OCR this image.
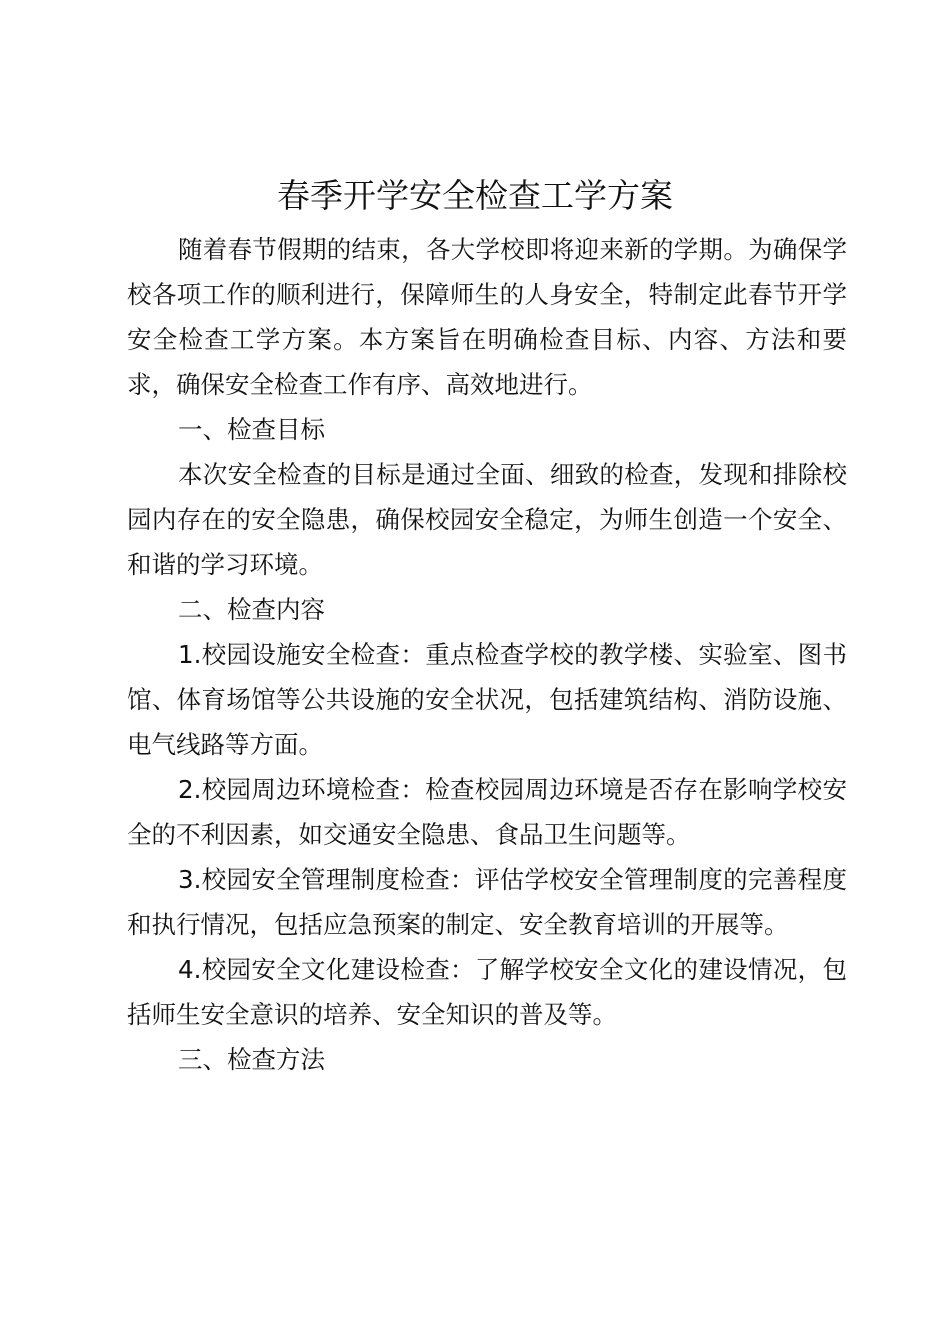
春季开学安全检查工学方案

随着春节假期的结束，各大学校即将迎来新的学期。为确保学校各项工作的顺利进行，保障师生的人身安全，特制定此春节开学安全检查工学方案。本方案旨在明确检查目标、内容、方法和要求，确保安全检查工作有序、高效地进行。

一、检查目标

本次安全检查的目标是通过全面、细致的检查，发现和排除校园内存在的安全隐患，确保校园安全稳定，为师生创造一个安全、和谐的学习环境。

二、检查内容

1.校园设施安全检查：重点检查学校的教学楼、实验室、图书馆、体育场馆等公共设施的安全状况，包括建筑结构、消防设施、电气线路等方面。

2.校园周边环境检查：检查校园周边环境是否存在影响学校安全的不利因素，如交通安全隐患、食品卫生问题等。

3.校园安全管理制度检查：评估学校安全管理制度的完善程度和执行情况，包括应急预案的制定、安全教育培训的开展等。

4.校园安全文化建设检查：了解学校安全文化的建设情况，包括师生安全意识的培养、安全知识的普及等。

三、检查方法
